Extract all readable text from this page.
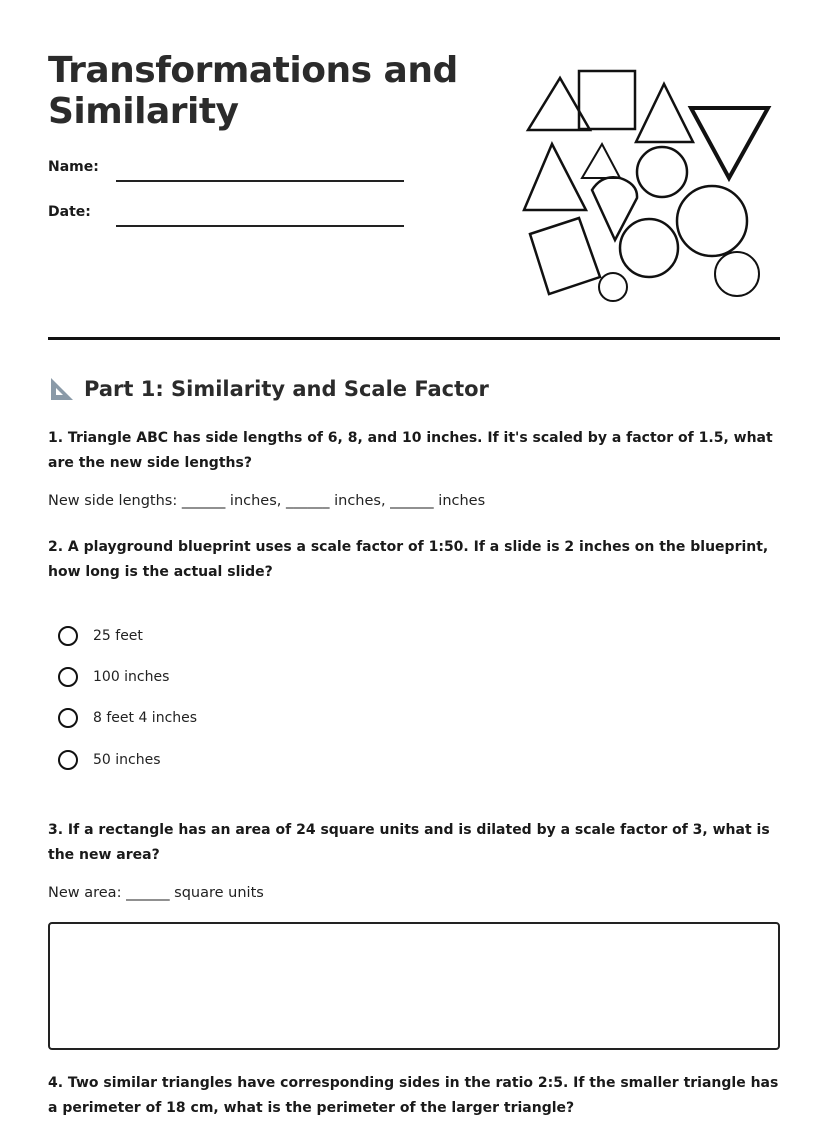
Transformations and Similarity
Name:
Date:
Part 1: Similarity and Scale Factor
1. Triangle ABC has side lengths of 6, 8, and 10 inches. If it's scaled by a factor of 1.5, what are the new side lengths?
New side lengths: ______ inches, ______ inches, ______ inches
2. A playground blueprint uses a scale factor of 1:50. If a slide is 2 inches on the blueprint, how long is the actual slide?
25 feet
100 inches
8 feet 4 inches
50 inches
3. If a rectangle has an area of 24 square units and is dilated by a scale factor of 3, what is the new area?
New area: ______ square units
4. Two similar triangles have corresponding sides in the ratio 2:5. If the smaller triangle has a perimeter of 18 cm, what is the perimeter of the larger triangle?
